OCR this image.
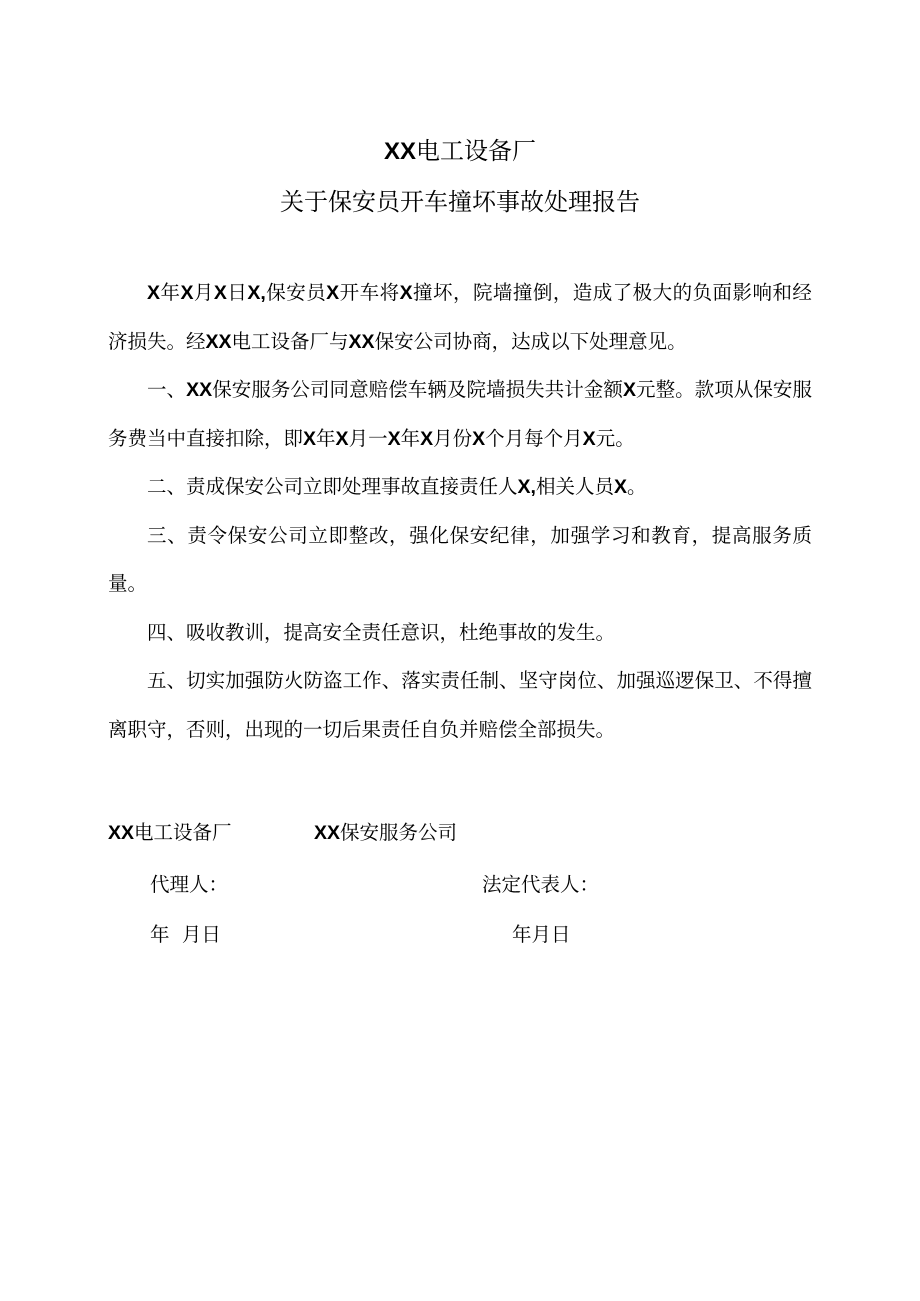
XX电工设备厂
关于保安员开车撞坏事故处理报告

X年X月X日X,保安员X开车将X撞坏，院墙撞倒，造成了极大的负面影响和经济损失。经XX电工设备厂与XX保安公司协商，达成以下处理意见。

一、XX保安服务公司同意赔偿车辆及院墙损失共计金额X元整。款项从保安服务费当中直接扣除，即X年X月一X年X月份X个月每个月X元。

二、责成保安公司立即处理事故直接责任人X,相关人员X。

三、责令保安公司立即整改，强化保安纪律，加强学习和教育，提高服务质量。

四、吸收教训，提高安全责任意识，杜绝事故的发生。

五、切实加强防火防盗工作、落实责任制、坚守岗位、加强巡逻保卫、不得擅离职守，否则，出现的一切后果责任自负并赔偿全部损失。

XX电工设备厂	XX保安服务公司
代理人：	法定代表人：
年  月日	年月日
